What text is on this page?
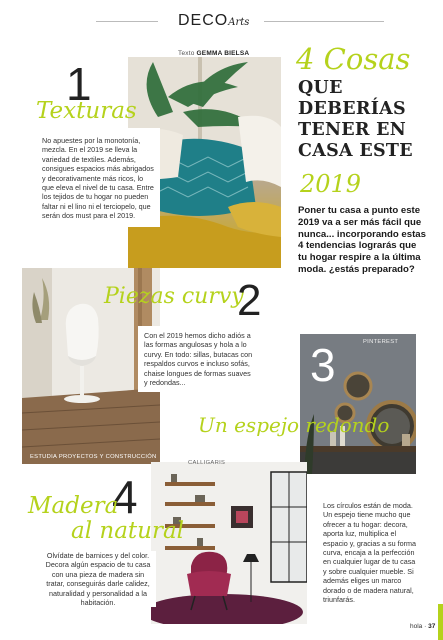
DECOArts
Texto GEMMA BIELSA
1
Texturas
No apuestes por la monotonía, mezcla. En el 2019 se lleva la variedad de textiles. Además, consigues espacios más abrigados y decorativamente más ricos, lo que eleva el nivel de tu casa. Entre los tejidos de tu hogar no pueden faltar ni el lino ni el terciopelo, que serán dos must para el 2019.
4 Cosas
QUE DEBERÍAS TENER EN CASA ESTE
2019
Poner tu casa a punto este 2019 va a ser más fácil que nunca... incorporando estas 4 tendencias lograrás que tu hogar respire a la última moda. ¿estás preparado?
ESTUDIA PROYECTOS Y CONSTRUCCIÓN
Piezas curvy
2
Con el 2019 hemos dicho adiós a las formas angulosas y hola a lo curvy. En todo: sillas, butacas con respaldos curvos e incluso sofás, chaise longues de formas suaves y redondas...	3	PINTEREST
Un espejo redondo
CALLIGARIS
4
Madera
al natural
Olvídate de barnices y del color. Decora algún espacio de tu casa con una pieza de madera sin tratar, conseguirás darle calidez, naturalidad y personalidad a la habitación.
Los círculos están de moda. Un espejo tiene mucho que ofrecer a tu hogar: decora, aporta luz, multiplica el espacio y, gracias a su forma curva, encaja a la perfección en cualquier lugar de tu casa y sobre cualquier mueble. Si además eliges un marco dorado o de madera natural, triunfarás.
hola · 37
